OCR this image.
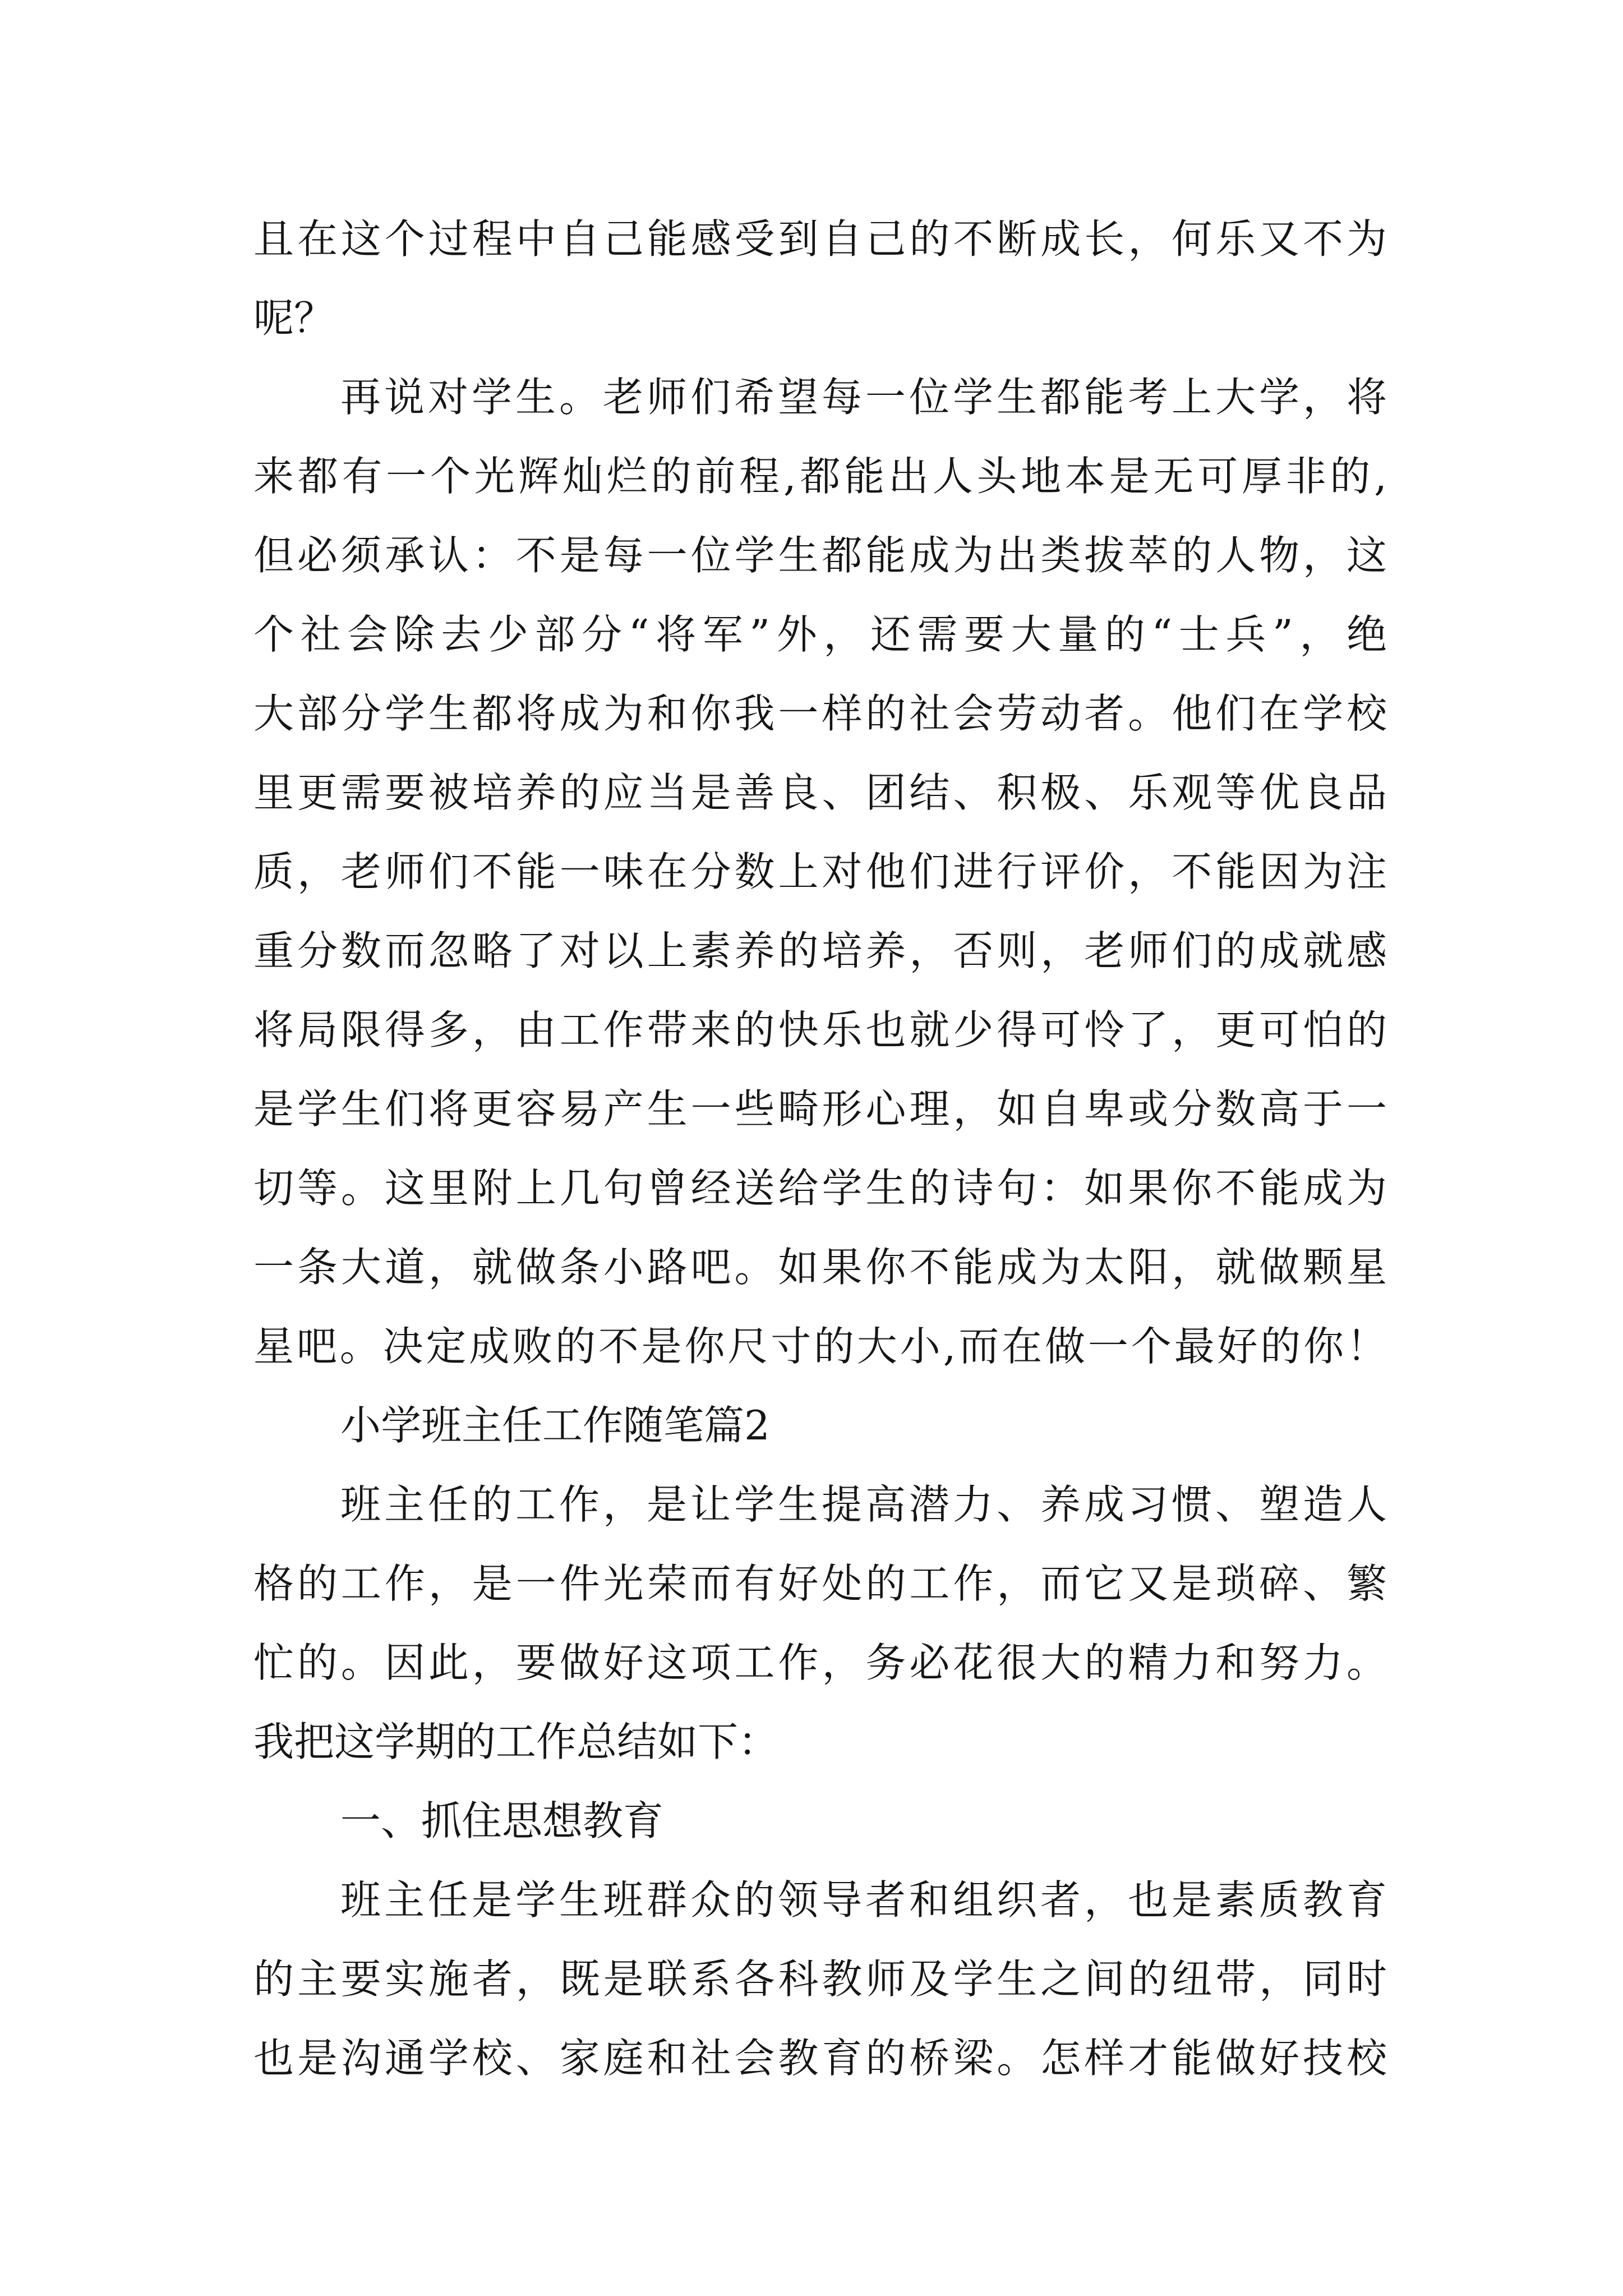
且在这个过程中自己能感受到自己的不断成长，何乐又不为
呢？
再说对学生。老师们希望每一位学生都能考上大学，将
来都有一个光辉灿烂的前程,都能出人头地本是无可厚非的,
但必须承认：不是每一位学生都能成为出类拔萃的人物，这
个社会除去少部分“将军”外，还需要大量的“士兵”，绝
大部分学生都将成为和你我一样的社会劳动者。他们在学校
里更需要被培养的应当是善良、团结、积极、乐观等优良品
质，老师们不能一味在分数上对他们进行评价，不能因为注
重分数而忽略了对以上素养的培养，否则，老师们的成就感
将局限得多，由工作带来的快乐也就少得可怜了，更可怕的
是学生们将更容易产生一些畸形心理，如自卑或分数高于一
切等。这里附上几句曾经送给学生的诗句：如果你不能成为
一条大道，就做条小路吧。如果你不能成为太阳，就做颗星
星吧。决定成败的不是你尺寸的大小,而在做一个最好的你！
小学班主任工作随笔篇2
班主任的工作，是让学生提高潜力、养成习惯、塑造人
格的工作，是一件光荣而有好处的工作，而它又是琐碎、繁
忙的。因此，要做好这项工作，务必花很大的精力和努力。
我把这学期的工作总结如下：
一、抓住思想教育
班主任是学生班群众的领导者和组织者，也是素质教育
的主要实施者，既是联系各科教师及学生之间的纽带，同时
也是沟通学校、家庭和社会教育的桥梁。怎样才能做好技校
